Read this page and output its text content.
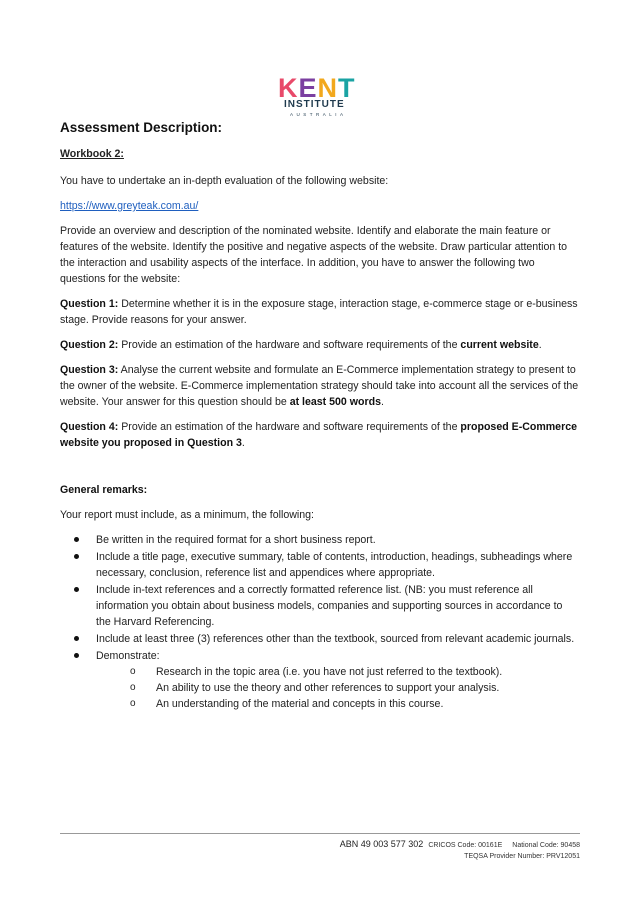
KENT
INSTITUTE
AUSTRALIA
Assessment Description:
Workbook 2:

You have to undertake an in-depth evaluation of the following website:

https://www.greyteak.com.au/

Provide an overview and description of the nominated website. Identify and elaborate the main feature or features of the website. Identify the positive and negative aspects of the website. Draw particular attention to the interaction and usability aspects of the interface. In addition, you have to answer the following two questions for the website:

Question 1: Determine whether it is in the exposure stage, interaction stage, e-commerce stage or e-business stage. Provide reasons for your answer.

Question 2: Provide an estimation of the hardware and software requirements of the current website.

Question 3: Analyse the current website and formulate an E-Commerce implementation strategy to present to the owner of the website. E-Commerce implementation strategy should take into account all the services of the website. Your answer for this question should be at least 500 words.

Question 4: Provide an estimation of the hardware and software requirements of the proposed E-Commerce website you proposed in Question 3.

General remarks:

Your report must include, as a minimum, the following:

Be written in the required format for a short business report.
Include a title page, executive summary, table of contents, introduction, headings, subheadings where necessary, conclusion, reference list and appendices where appropriate.
Include in-text references and a correctly formatted reference list. (NB: you must reference all information you obtain about business models, companies and supporting sources in accordance to the Harvard Referencing.
Include at least three (3) references other than the textbook, sourced from relevant academic journals.
Demonstrate:
o Research in the topic area (i.e. you have not just referred to the textbook).
o An ability to use the theory and other references to support your analysis.
o An understanding of the material and concepts in this course.
ABN 49 003 577 302 CRICOS Code: 00161E National Code: 90458
TEQSA Provider Number: PRV12051
